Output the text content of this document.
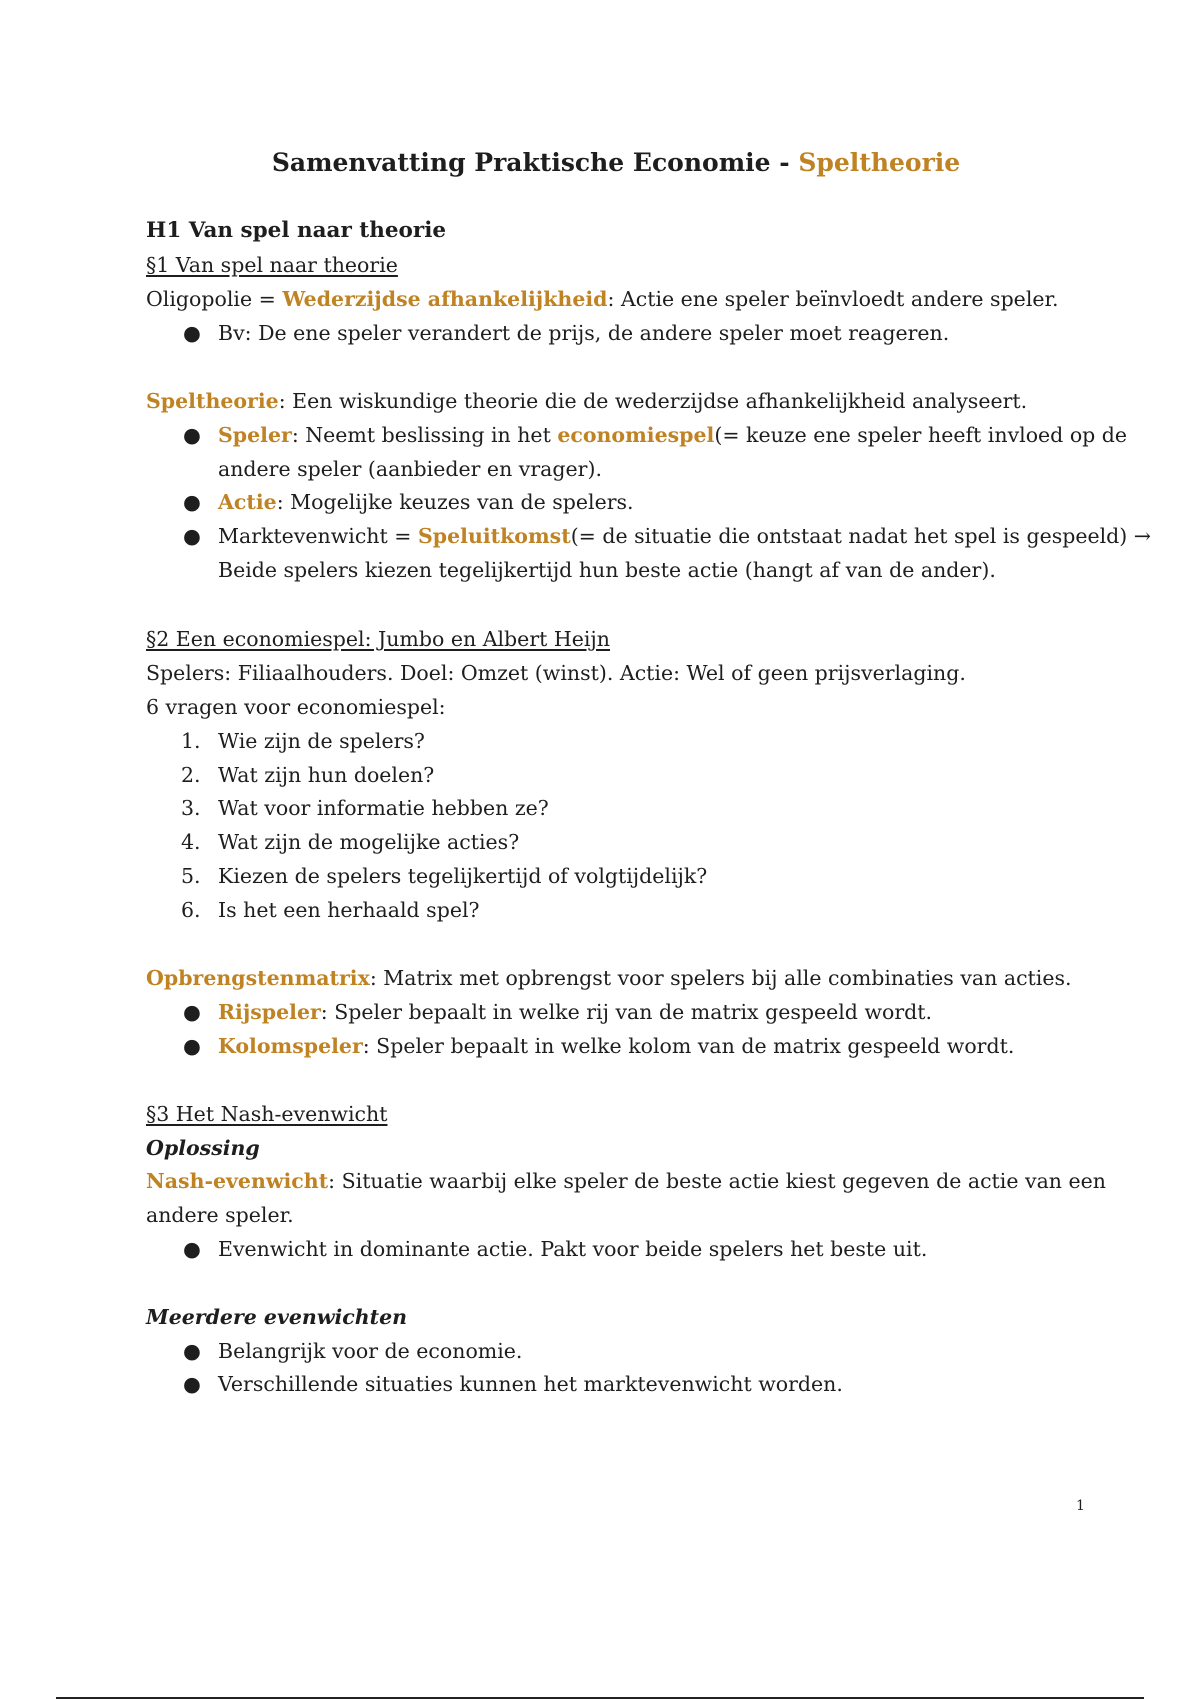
Samenvatting Praktische Economie - Speltheorie
H1 Van spel naar theorie
§1 Van spel naar theorie
Oligopolie = Wederzijdse afhankelijkheid: Actie ene speler beïnvloedt andere speler.
● Bv: De ene speler verandert de prijs, de andere speler moet reageren.
Speltheorie: Een wiskundige theorie die de wederzijdse afhankelijkheid analyseert.
● Speler: Neemt beslissing in het economiespel(= keuze ene speler heeft invloed op de
andere speler (aanbieder en vrager).
● Actie: Mogelijke keuzes van de spelers.
● Marktevenwicht = Speluitkomst(= de situatie die ontstaat nadat het spel is gespeeld) →
Beide spelers kiezen tegelijkertijd hun beste actie (hangt af van de ander).
§2 Een economiespel: Jumbo en Albert Heijn
Spelers: Filiaalhouders. Doel: Omzet (winst). Actie: Wel of geen prijsverlaging.
6 vragen voor economiespel:
1. Wie zijn de spelers?
2. Wat zijn hun doelen?
3. Wat voor informatie hebben ze?
4. Wat zijn de mogelijke acties?
5. Kiezen de spelers tegelijkertijd of volgtijdelijk?
6. Is het een herhaald spel?
Opbrengstenmatrix: Matrix met opbrengst voor spelers bij alle combinaties van acties.
● Rijspeler: Speler bepaalt in welke rij van de matrix gespeeld wordt.
● Kolomspeler: Speler bepaalt in welke kolom van de matrix gespeeld wordt.
§3 Het Nash-evenwicht
Oplossing
Nash-evenwicht: Situatie waarbij elke speler de beste actie kiest gegeven de actie van een
andere speler.
● Evenwicht in dominante actie. Pakt voor beide spelers het beste uit.
Meerdere evenwichten
● Belangrijk voor de economie.
● Verschillende situaties kunnen het marktevenwicht worden.
1
